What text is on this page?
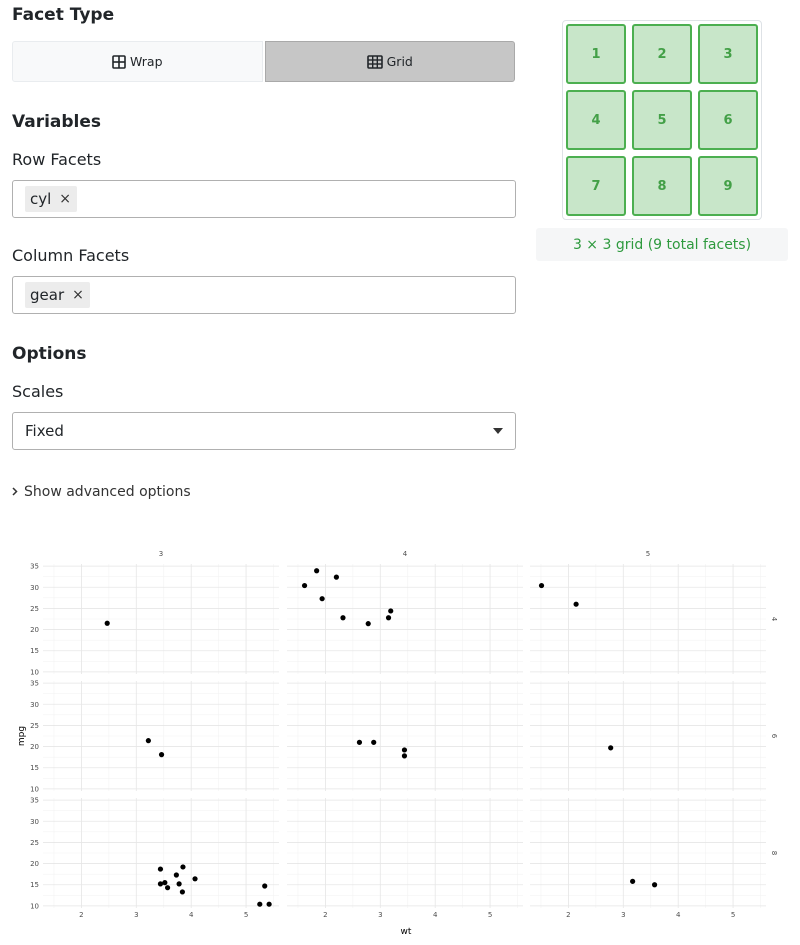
Facet Type
Wrap	Grid
Variables
Row Facets
cyl ×
Column Facets
gear ×
Options
Scales
Fixed
Show advanced options
1	2	3
4	5	6
7	8	9
3 × 3 grid (9 total facets)
3	4	5
4
6
8
10
15
20
25
30
35
10
15
20
25
30
35
10
15
20
25
30
35
2	3	4	5	2	3	4	5	2	3	4	5
wt
mpg
